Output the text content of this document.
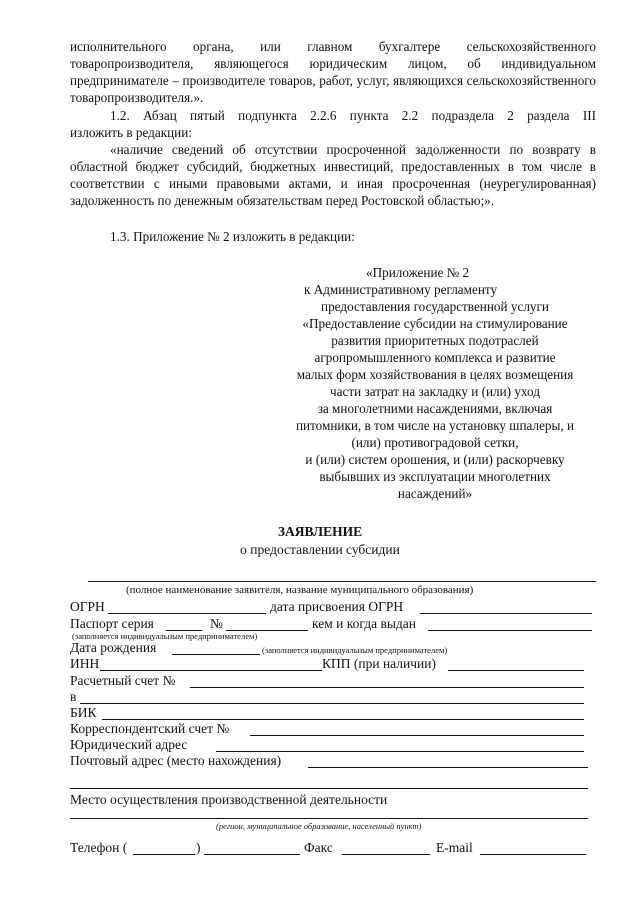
исполнительного органа, или главном бухгалтере сельскохозяйственного товаропроизводителя, являющегося юридическим лицом, об индивидуальном предпринимателе – производителе товаров, работ, услуг, являющихся сельскохозяйственного товаропроизводителя.».

1.2. Абзац пятый подпункта 2.2.6 пункта 2.2 подраздела 2 раздела III
изложить в редакции:
«наличие сведений об отсутствии просроченной задолженности по возврату в областной бюджет субсидий, бюджетных инвестиций, предоставленных в том числе в соответствии с иными правовыми актами, и иная просроченная (неурегулированная) задолженность по денежным обязательствам перед Ростовской областью;».
1.3. Приложение № 2 изложить в редакции:
«Приложение № 2
к Административному регламенту
предоставления государственной услуги
«Предоставление субсидии на стимулирование
развития приоритетных подотраслей
агропромышленного комплекса и развитие
малых форм хозяйствования в целях возмещения
части затрат на закладку и (или) уход
за многолетними насаждениями, включая
питомники, в том числе на установку шпалеры, и
(или) противоградовой сетки,
и (или) систем орошения, и (или) раскорчевку
выбывших из эксплуатации многолетних
насаждений»
ЗАЯВЛЕНИЕ
о предоставлении субсидии
(полное наименование заявителя, название муниципального образования)
ОГРН	дата присвоения ОГРН
Паспорт серия	№	кем и когда выдан
(заполняется индивидуальным предпринимателем)
Дата рождения	(заполняется индивидуальным предпринимателем)
ИНН	КПП (при наличии)
Расчетный счет №
в
БИК
Корреспондентский счет №
Юридический адрес
Почтовый адрес (место нахождения)
Место осуществления производственной деятельности
(регион, муниципальное образование, населенный пункт)
Телефон (	)	Факс	E-mail
